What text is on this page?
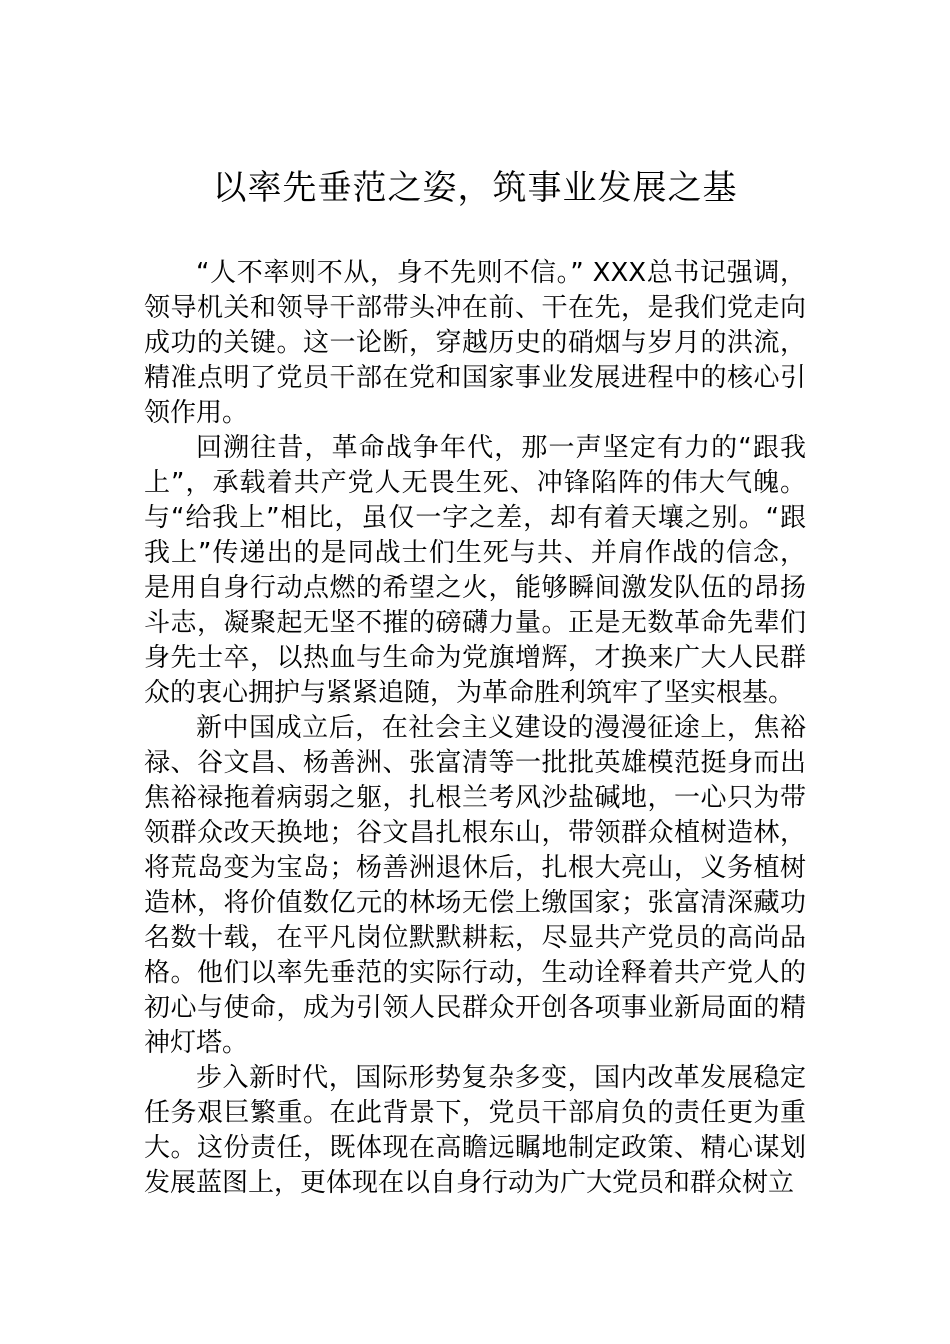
以率先垂范之姿，筑事业发展之基

“人不率则不从，身不先则不信。” XXX总书记强调，领导机关和领导干部带头冲在前、干在先，是我们党走向成功的关键。这一论断，穿越历史的硝烟与岁月的洪流，精准点明了党员干部在党和国家事业发展进程中的核心引领作用。

回溯往昔，革命战争年代，那一声坚定有力的“跟我上”，承载着共产党人无畏生死、冲锋陷阵的伟大气魄。与“给我上”相比，虽仅一字之差，却有着天壤之别。“跟我上”传递出的是同战士们生死与共、并肩作战的信念，是用自身行动点燃的希望之火，能够瞬间激发队伍的昂扬斗志，凝聚起无坚不摧的磅礴力量。正是无数革命先辈们身先士卒，以热血与生命为党旗增辉，才换来广大人民群众的衷心拥护与紧紧追随，为革命胜利筑牢了坚实根基。

新中国成立后，在社会主义建设的漫漫征途上，焦裕禄、谷文昌、杨善洲、张富清等一批批英雄模范挺身而出焦裕禄拖着病弱之躯，扎根兰考风沙盐碱地，一心只为带领群众改天换地；谷文昌扎根东山，带领群众植树造林，将荒岛变为宝岛；杨善洲退休后，扎根大亮山，义务植树造林，将价值数亿元的林场无偿上缴国家；张富清深藏功名数十载，在平凡岗位默默耕耘，尽显共产党员的高尚品格。他们以率先垂范的实际行动，生动诠释着共产党人的初心与使命，成为引领人民群众开创各项事业新局面的精神灯塔。

步入新时代，国际形势复杂多变，国内改革发展稳定任务艰巨繁重。在此背景下，党员干部肩负的责任更为重大。这份责任，既体现在高瞻远瞩地制定政策、精心谋划发展蓝图上，更体现在以自身行动为广大党员和群众树立
